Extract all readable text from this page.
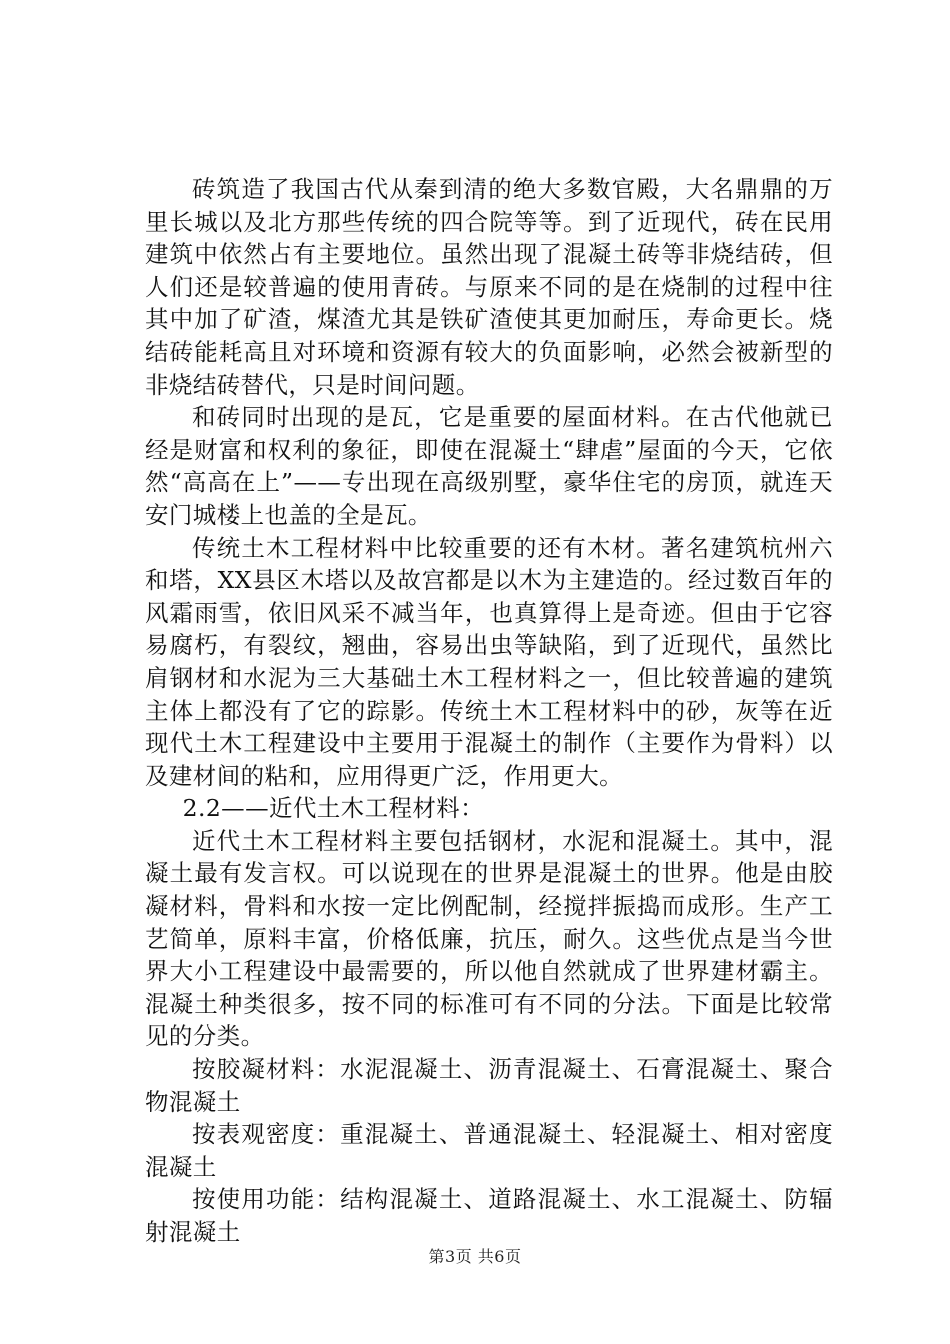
砖筑造了我国古代从秦到清的绝大多数官殿，大名鼎鼎的万里长城以及北方那些传统的四合院等等。到了近现代，砖在民用建筑中依然占有主要地位。虽然出现了混凝土砖等非烧结砖，但人们还是较普遍的使用青砖。与原来不同的是在烧制的过程中往其中加了矿渣，煤渣尤其是铁矿渣使其更加耐压，寿命更长。烧结砖能耗高且对环境和资源有较大的负面影响，必然会被新型的非烧结砖替代，只是时间问题。

和砖同时出现的是瓦，它是重要的屋面材料。在古代他就已经是财富和权利的象征，即使在混凝土“肆虐”屋面的今天，它依然“高高在上”——专出现在高级别墅，豪华住宅的房顶，就连天安门城楼上也盖的全是瓦。

传统土木工程材料中比较重要的还有木材。著名建筑杭州六和塔，XX县区木塔以及故宫都是以木为主建造的。经过数百年的风霜雨雪，依旧风采不减当年，也真算得上是奇迹。但由于它容易腐朽，有裂纹，翘曲，容易出虫等缺陷，到了近现代，虽然比肩钢材和水泥为三大基础土木工程材料之一，但比较普遍的建筑主体上都没有了它的踪影。传统土木工程材料中的砂，灰等在近现代土木工程建设中主要用于混凝土的制作（主要作为骨料）以及建材间的粘和，应用得更广泛，作用更大。

2.2——近代土木工程材料：

近代土木工程材料主要包括钢材，水泥和混凝土。其中，混凝土最有发言权。可以说现在的世界是混凝土的世界。他是由胶凝材料，骨料和水按一定比例配制，经搅拌振捣而成形。生产工艺简单，原料丰富，价格低廉，抗压，耐久。这些优点是当今世界大小工程建设中最需要的，所以他自然就成了世界建材霸主。混凝土种类很多，按不同的标准可有不同的分法。下面是比较常见的分类。

按胶凝材料：水泥混凝土、沥青混凝土、石膏混凝土、聚合物混凝土

按表观密度：重混凝土、普通混凝土、轻混凝土、相对密度混凝土

按使用功能：结构混凝土、道路混凝土、水工混凝土、防辐射混凝土

第3页 共6页
